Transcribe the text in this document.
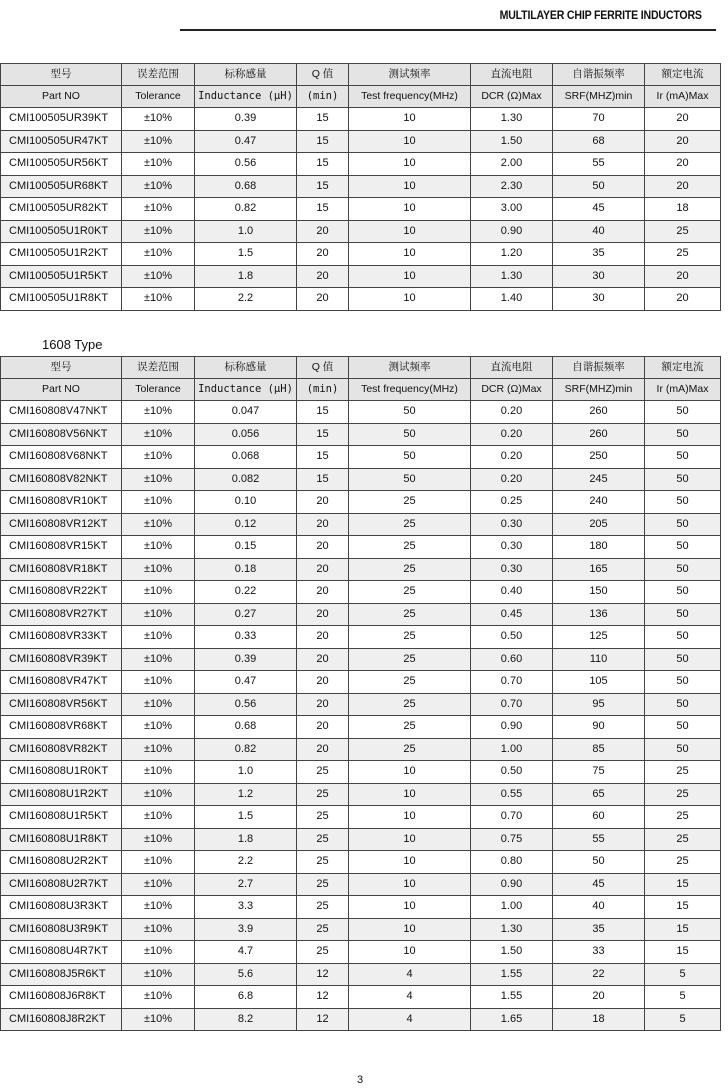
MULTILAYER CHIP FERRITE INDUCTORS
型号	误差范围	标称感量	Q 值	测试频率	直流电阻	自谐振频率	额定电流
Part NO	Tolerance	Inductance (μH)	(min)	Test frequency(MHz)	DCR (Ω)Max	SRF(MHZ)min	Ir (mA)Max
CMI100505UR39KT	±10%	0.39	15	10	1.30	70	20
CMI100505UR47KT	±10%	0.47	15	10	1.50	68	20
CMI100505UR56KT	±10%	0.56	15	10	2.00	55	20
CMI100505UR68KT	±10%	0.68	15	10	2.30	50	20
CMI100505UR82KT	±10%	0.82	15	10	3.00	45	18
CMI100505U1R0KT	±10%	1.0	20	10	0.90	40	25
CMI100505U1R2KT	±10%	1.5	20	10	1.20	35	25
CMI100505U1R5KT	±10%	1.8	20	10	1.30	30	20
CMI100505U1R8KT	±10%	2.2	20	10	1.40	30	20
1608 Type
型号	误差范围	标称感量	Q 值	测试频率	直流电阻	自谐振频率	额定电流
Part NO	Tolerance	Inductance (μH)	(min)	Test frequency(MHz)	DCR (Ω)Max	SRF(MHZ)min	Ir (mA)Max
CMI160808V47NKT	±10%	0.047	15	50	0.20	260	50
CMI160808V56NKT	±10%	0.056	15	50	0.20	260	50
CMI160808V68NKT	±10%	0.068	15	50	0.20	250	50
CMI160808V82NKT	±10%	0.082	15	50	0.20	245	50
CMI160808VR10KT	±10%	0.10	20	25	0.25	240	50
CMI160808VR12KT	±10%	0.12	20	25	0.30	205	50
CMI160808VR15KT	±10%	0.15	20	25	0.30	180	50
CMI160808VR18KT	±10%	0.18	20	25	0.30	165	50
CMI160808VR22KT	±10%	0.22	20	25	0.40	150	50
CMI160808VR27KT	±10%	0.27	20	25	0.45	136	50
CMI160808VR33KT	±10%	0.33	20	25	0.50	125	50
CMI160808VR39KT	±10%	0.39	20	25	0.60	110	50
CMI160808VR47KT	±10%	0.47	20	25	0.70	105	50
CMI160808VR56KT	±10%	0.56	20	25	0.70	95	50
CMI160808VR68KT	±10%	0.68	20	25	0.90	90	50
CMI160808VR82KT	±10%	0.82	20	25	1.00	85	50
CMI160808U1R0KT	±10%	1.0	25	10	0.50	75	25
CMI160808U1R2KT	±10%	1.2	25	10	0.55	65	25
CMI160808U1R5KT	±10%	1.5	25	10	0.70	60	25
CMI160808U1R8KT	±10%	1.8	25	10	0.75	55	25
CMI160808U2R2KT	±10%	2.2	25	10	0.80	50	25
CMI160808U2R7KT	±10%	2.7	25	10	0.90	45	15
CMI160808U3R3KT	±10%	3.3	25	10	1.00	40	15
CMI160808U3R9KT	±10%	3.9	25	10	1.30	35	15
CMI160808U4R7KT	±10%	4.7	25	10	1.50	33	15
CMI160808J5R6KT	±10%	5.6	12	4	1.55	22	5
CMI160808J6R8KT	±10%	6.8	12	4	1.55	20	5
CMI160808J8R2KT	±10%	8.2	12	4	1.65	18	5
3
